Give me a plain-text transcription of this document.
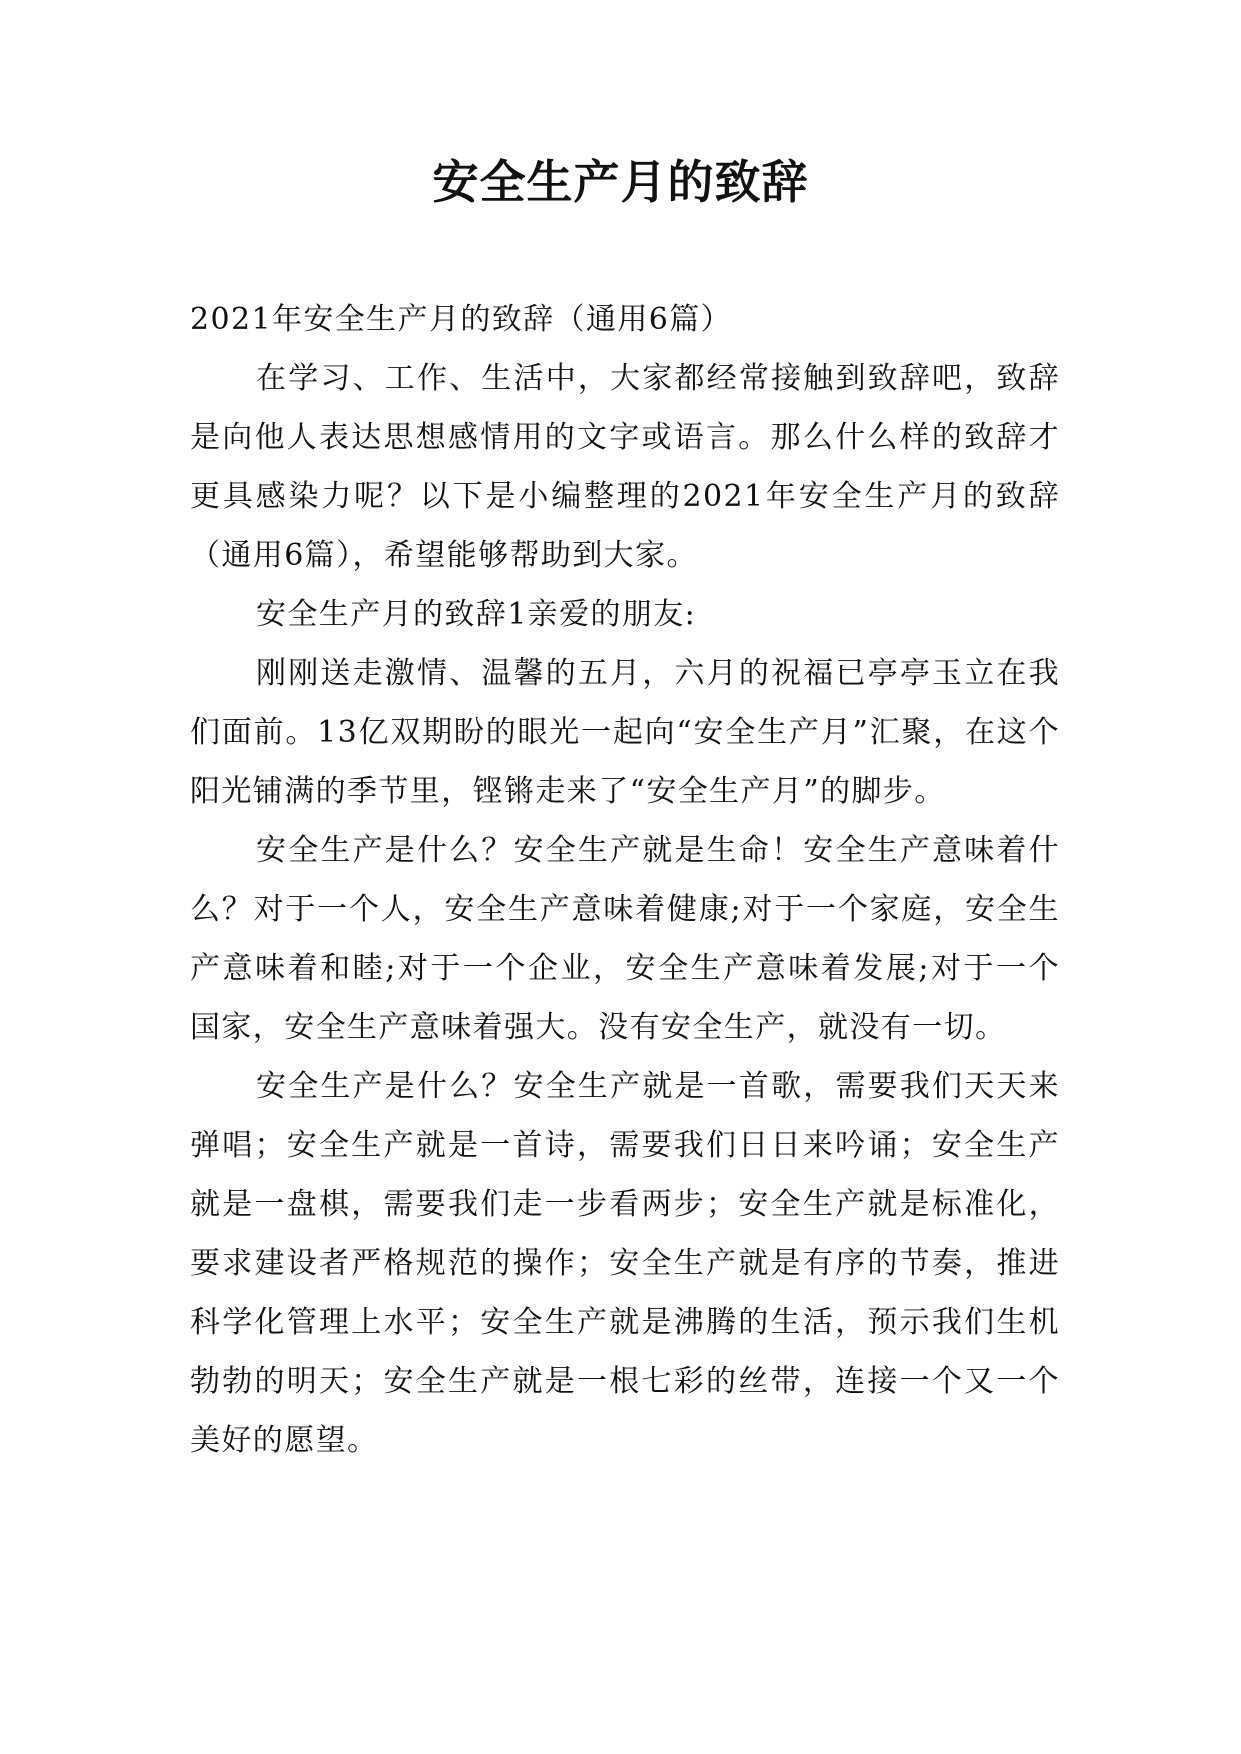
安全生产月的致辞

2021年安全生产月的致辞（通用6篇）

在学习、工作、生活中，大家都经常接触到致辞吧，致辞是向他人表达思想感情用的文字或语言。那么什么样的致辞才更具感染力呢？以下是小编整理的2021年安全生产月的致辞（通用6篇），希望能够帮助到大家。

安全生产月的致辞1亲爱的朋友:

刚刚送走激情、温馨的五月，六月的祝福已亭亭玉立在我们面前。13亿双期盼的眼光一起向“安全生产月”汇聚，在这个阳光铺满的季节里，铿锵走来了“安全生产月”的脚步。

安全生产是什么？安全生产就是生命！安全生产意味着什么？对于一个人，安全生产意味着健康;对于一个家庭，安全生产意味着和睦;对于一个企业，安全生产意味着发展;对于一个国家，安全生产意味着强大。没有安全生产，就没有一切。

安全生产是什么？安全生产就是一首歌，需要我们天天来弹唱；安全生产就是一首诗，需要我们日日来吟诵；安全生产就是一盘棋，需要我们走一步看两步；安全生产就是标准化，要求建设者严格规范的操作；安全生产就是有序的节奏，推进科学化管理上水平；安全生产就是沸腾的生活，预示我们生机勃勃的明天；安全生产就是一根七彩的丝带，连接一个又一个美好的愿望。
